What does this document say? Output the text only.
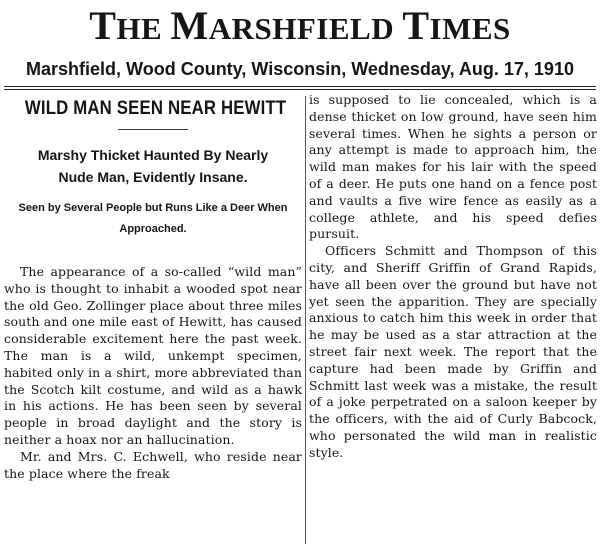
THE MARSHFIELD TIMES
Marshfield, Wood County, Wisconsin, Wednesday, Aug. 17, 1910
WILD MAN SEEN NEAR HEWITT
Marshy Thicket Haunted By Nearly Nude Man, Evidently Insane.
Seen by Several People but Runs Like a Deer When Approached.

The appearance of a so-called “wild man” who is thought to inhabit a wooded spot near the old Geo. Zollinger place about three miles south and one mile east of Hewitt, has caused considerable excitement here the past week. The man is a wild, unkempt specimen, habited only in a shirt, more abbreviated than the Scotch kilt costume, and wild as a hawk in his actions. He has been seen by several people in broad daylight and the story is neither a hoax nor an hallucination.

Mr. and Mrs. C. Echwell, who reside near the place where the freak

is supposed to lie concealed, which is a dense thicket on low ground, have seen him several times. When he sights a person or any attempt is made to approach him, the wild man makes for his lair with the speed of a deer. He puts one hand on a fence post and vaults a five wire fence as easily as a college athlete, and his speed defies pursuit.

Officers Schmitt and Thompson of this city, and Sheriff Griffin of Grand Rapids, have all been over the ground but have not yet seen the apparition. They are specially anxious to catch him this week in order that he may be used as a star attraction at the street fair next week. The report that the capture had been made by Griffin and Schmitt last week was a mistake, the result of a joke perpetrated on a saloon keeper by the officers, with the aid of Curly Babcock, who personated the wild man in realistic style.
